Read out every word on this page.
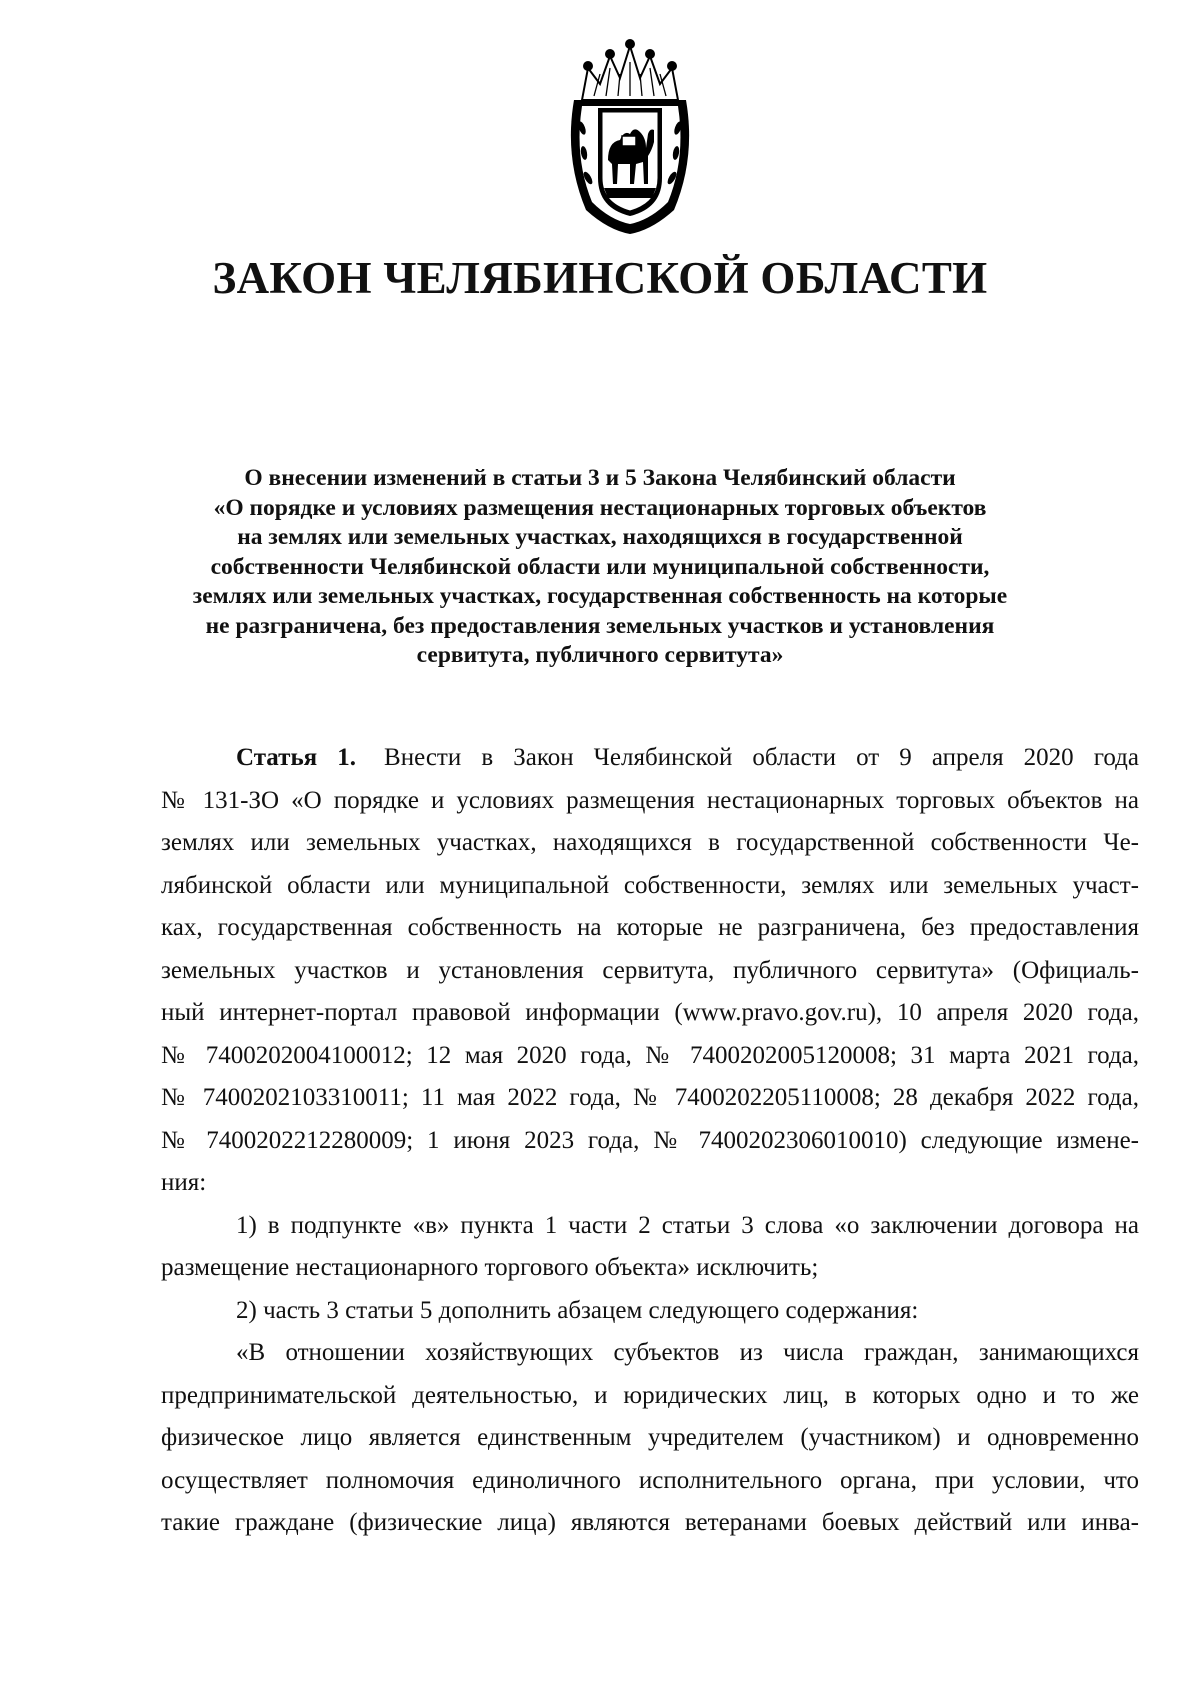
ЗАКОН ЧЕЛЯБИНСКОЙ ОБЛАСТИ
О внесении изменений в статьи 3 и 5 Закона Челябинский области
«О порядке и условиях размещения нестационарных торговых объектов
на землях или земельных участках, находящихся в государственной
собственности Челябинской области или муниципальной собственности,
землях или земельных участках, государственная собственность на которые
не разграничена, без предоставления земельных участков и установления
сервитута, публичного сервитута»
Статья 1. Внести в Закон Челябинской области от 9 апреля 2020 года
№ 131-ЗО «О порядке и условиях размещения нестационарных торговых объектов на
землях или земельных участках, находящихся в государственной собственности Че-
лябинской области или муниципальной собственности, землях или земельных участ-
ках, государственная собственность на которые не разграничена, без предоставления
земельных участков и установления сервитута, публичного сервитута» (Официаль-
ный интернет-портал правовой информации (www.pravo.gov.ru), 10 апреля 2020 года,
№ 7400202004100012; 12 мая 2020 года, № 7400202005120008; 31 марта 2021 года,
№ 7400202103310011; 11 мая 2022 года, № 7400202205110008; 28 декабря 2022 года,
№ 7400202212280009; 1 июня 2023 года, № 7400202306010010) следующие измене-
ния:
1) в подпункте «в» пункта 1 части 2 статьи 3 слова «о заключении договора на
размещение нестационарного торгового объекта» исключить;
2) часть 3 статьи 5 дополнить абзацем следующего содержания:
«В отношении хозяйствующих субъектов из числа граждан, занимающихся
предпринимательской деятельностью, и юридических лиц, в которых одно и то же
физическое лицо является единственным учредителем (участником) и одновременно
осуществляет полномочия единоличного исполнительного органа, при условии, что
такие граждане (физические лица) являются ветеранами боевых действий или инва-
